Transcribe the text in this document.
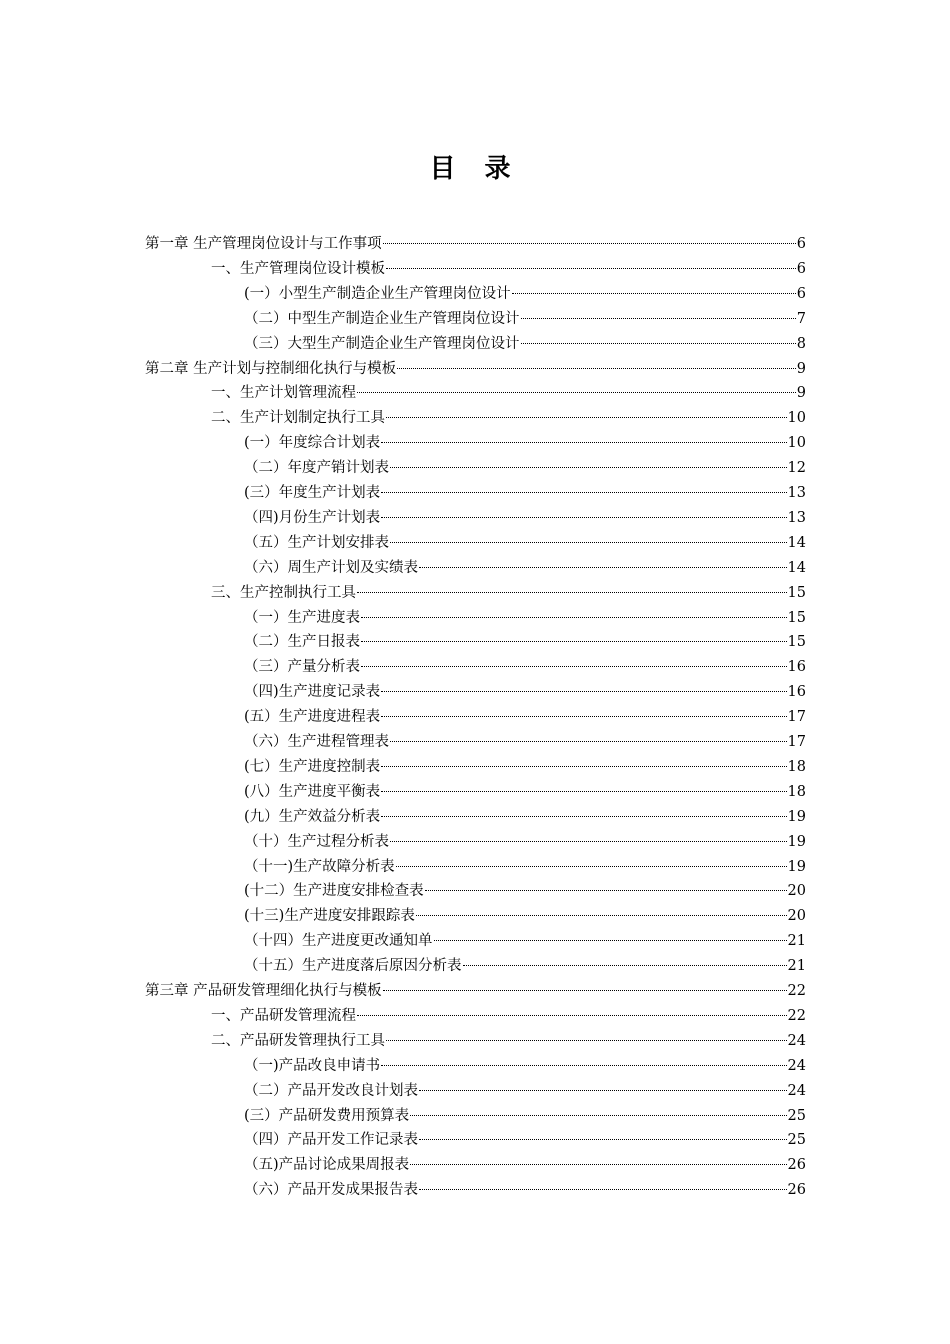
目 录
第一章 生产管理岗位设计与工作事项	6
一、生产管理岗位设计模板	6
(一）小型生产制造企业生产管理岗位设计	6
（二）中型生产制造企业生产管理岗位设计	7
（三）大型生产制造企业生产管理岗位设计	8
第二章 生产计划与控制细化执行与模板	9
一、生产计划管理流程	9
二、生产计划制定执行工具	10
(一）年度综合计划表	10
（二）年度产销计划表	12
(三）年度生产计划表	13
（四)月份生产计划表	13
（五）生产计划安排表	14
（六）周生产计划及实绩表	14
三、生产控制执行工具	15
（一）生产进度表	15
（二）生产日报表	15
（三）产量分析表	16
（四)生产进度记录表	16
(五）生产进度进程表	17
（六）生产进程管理表	17
(七）生产进度控制表	18
(八）生产进度平衡表	18
(九）生产效益分析表	19
（十）生产过程分析表	19
（十一)生产故障分析表	19
(十二）生产进度安排检查表	20
(十三)生产进度安排跟踪表	20
（十四）生产进度更改通知单	21
（十五）生产进度落后原因分析表	21
第三章 产品研发管理细化执行与模板	22
一、产品研发管理流程	22
二、产品研发管理执行工具	24
（一)产品改良申请书	24
（二）产品开发改良计划表	24
(三）产品研发费用预算表	25
（四）产品开发工作记录表	25
（五)产品讨论成果周报表	26
（六）产品开发成果报告表	26
